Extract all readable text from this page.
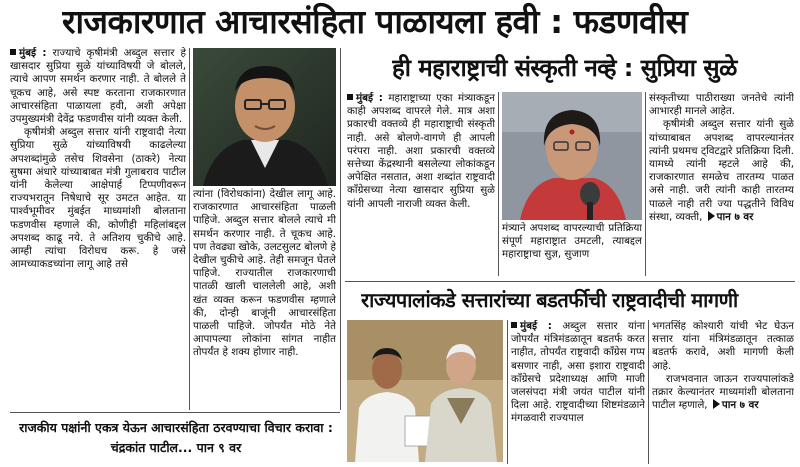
राजकारणात आचारसंहिता पाळायला हवी : फडणवीस

मुंबई : राज्याचे कृषीमंत्री अब्दुल सत्तार हे खासदार सुप्रिया सुळे यांच्याविषयी जे बोलले, त्याचे आपण समर्थन करणार नाही. ते बोलले ते चूकच आहे, असे स्पष्ट करताना राजकारणात आचारसंहिता पाळायला हवी, अशी अपेक्षा उपमुख्यमंत्री देवेंद्र फडणवीस यांनी व्यक्त केली.

कृषीमंत्री अब्दुल सत्तार यांनी राष्ट्रवादी नेत्या सुप्रिया सुळे यांच्याविषयी काढलेल्या अपशब्दांमुळे तसेच शिवसेना (ठाकरे) नेत्या सुषमा अंधारे यांच्याबाबत मंत्री गुलाबराव पाटील यांनी केलेल्या आक्षेपार्ह टिप्पणीवरून राज्यभरातून निषेधाचे सूर उमटत आहेत. या पार्श्वभूमीवर मुंबईत माध्यमांशी बोलताना फडणवीस म्हणाले की, कोणीही महिलांबद्दल अपशब्द काढू नये. ते अतिशय चुकीचे आहे. आम्ही त्यांचा विरोधच करू. हे जसे आमच्याकडच्यांना लागू आहे तसे

त्यांना (विरोधकांना) देखील लागू आहे. राजकारणात आचारसंहिता पाळली पाहिजे. अब्दुल सत्तार बोलले त्याचे मी समर्थन करणार नाही. ते चूकच आहे. पण तेवढ्या खोके, उलटसुलट बोलणे हे देखील चुकीचे आहे. तेही समजून घेतले पाहिजे. राज्यातील राजकारणाची पातळी खाली चाललेली आहे, अशी खंत व्यक्त करून फडणवीस म्हणाले की, दोन्ही बाजूंनी आचारसंहिता पाळली पाहिजे. जोपर्यंत मोठे नेते आपापल्या लोकांना सांगत नाहीत तोपर्यंत हे शक्य होणार नाही.

राजकीय पक्षांनी एकत्र येऊन आचारसंहिता ठरवण्याचा विचार करावा : चंद्रकांत पाटील... पान ९ वर
ही महाराष्ट्राची संस्कृती नव्हे : सुप्रिया सुळे

मुंबई : महाराष्ट्राच्या एका मंत्र्याकडून काही अपशब्द वापरले गेले. मात्र अशा प्रकारची वक्तव्ये ही महाराष्ट्राची संस्कृती नाही. असे बोलणे-वागणे ही आपली परंपरा नाही. अशा प्रकारची वक्तव्ये सत्तेच्या केंद्रस्थानी बसलेल्या लोकांकडून अपेक्षित नसतात, अशा शब्दांत राष्ट्रवादी काँग्रेसच्या नेत्या खासदार सुप्रिया सुळे यांनी आपली नाराजी व्यक्त केली.

मंत्र्याने अपशब्द वापरल्याची प्रतिक्रिया संपूर्ण महाराष्ट्रात उमटली, त्याबद्दल महाराष्ट्राचा सुज्ञ, सुजाण

संस्कृतीच्या पाठीराख्या जनतेचे त्यांनी आभारही मानले आहेत.

कृषीमंत्री अब्दुल सत्तार यांनी सुळे यांच्याबाबत अपशब्द वापरल्यानंतर त्यांनी प्रथमच ट्विटद्वारे प्रतिक्रिया दिली. यामध्ये त्यांनी म्हटले आहे की, राजकारणात समळेच तारतम्य पाळत असे नाही. जरी त्यांनी काही तारतम्य पाळले नाही तरी ज्या पद्धतीने विविध संस्था, व्यक्ती, पान ७ वर

राज्यपालांकडे सत्तारांच्या बडतर्फीची राष्ट्रवादीची मागणी

मुंबई : अब्दुल सत्तार यांना जोपर्यंत मंत्रिमंडळातून बडतर्फ करत नाहीत, तोपर्यंत राष्ट्रवादी काँग्रेस गप्प बसणार नाही, असा इशारा राष्ट्रवादी काँग्रेसचे प्रदेशाध्यक्ष आणि माजी जलसंपदा मंत्री जयंत पाटील यांनी दिला आहे. राष्ट्रवादीच्या शिष्टमंडळाने मंगळवारी राज्यपाल

भगतसिंह कोश्यारी यांची भेट घेऊन सत्तार यांना मंत्रिमंडळातून तत्काळ बडतर्फ करावे, अशी मागणी केली आहे.

राजभवनात जाऊन राज्यपालांकडे तक्रार केल्यानंतर माध्यमांशी बोलताना पाटील म्हणाले, पान ७ वर
